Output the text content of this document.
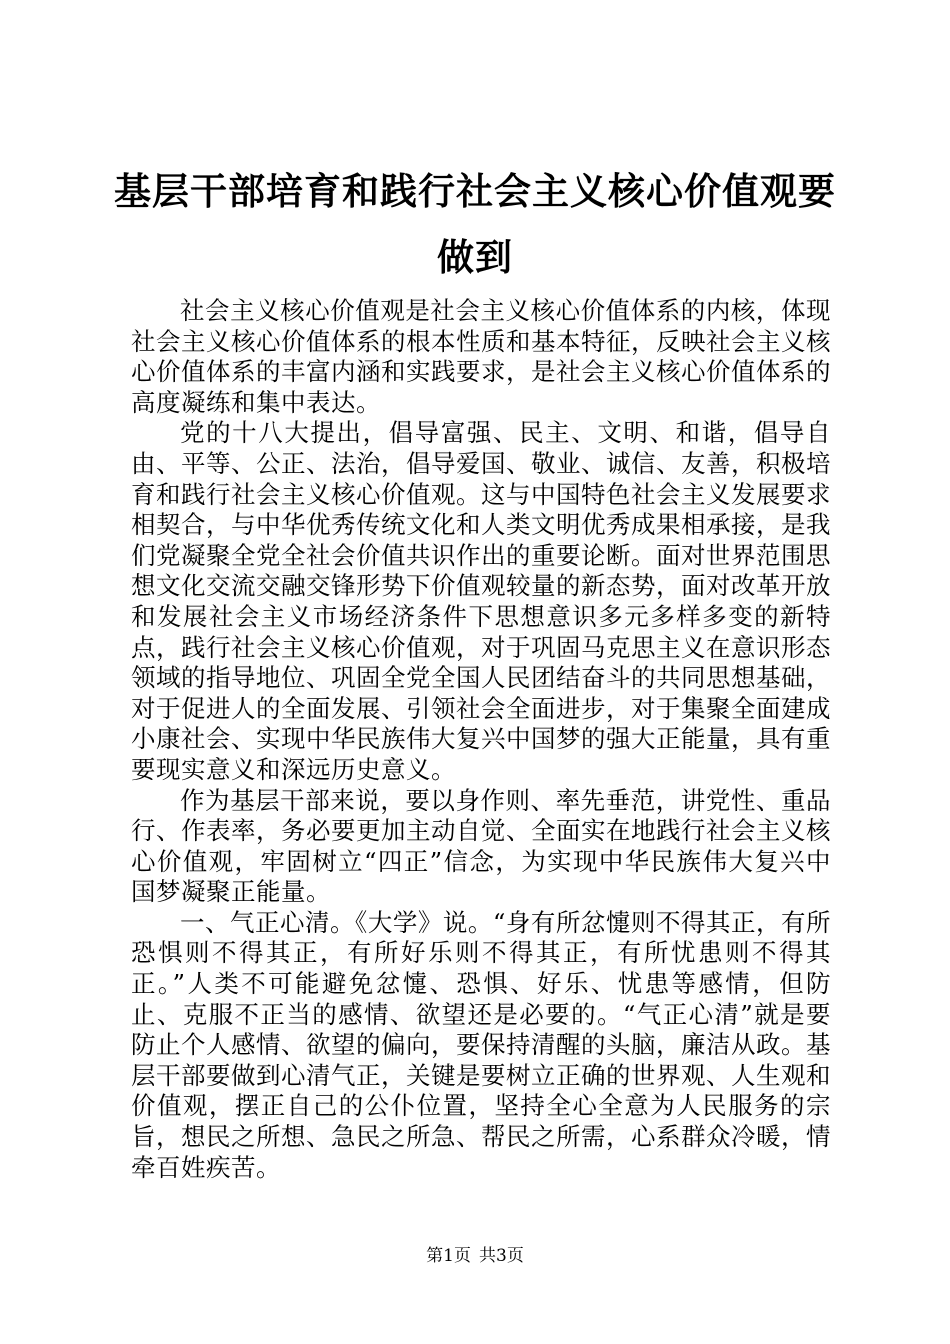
基层干部培育和践行社会主义核心价值观要做到

社会主义核心价值观是社会主义核心价值体系的内核，体现社会主义核心价值体系的根本性质和基本特征，反映社会主义核心价值体系的丰富内涵和实践要求，是社会主义核心价值体系的高度凝练和集中表达。

党的十八大提出，倡导富强、民主、文明、和谐，倡导自由、平等、公正、法治，倡导爱国、敬业、诚信、友善，积极培育和践行社会主义核心价值观。这与中国特色社会主义发展要求相契合，与中华优秀传统文化和人类文明优秀成果相承接，是我们党凝聚全党全社会价值共识作出的重要论断。面对世界范围思想文化交流交融交锋形势下价值观较量的新态势，面对改革开放和发展社会主义市场经济条件下思想意识多元多样多变的新特点，践行社会主义核心价值观，对于巩固马克思主义在意识形态领域的指导地位、巩固全党全国人民团结奋斗的共同思想基础，对于促进人的全面发展、引领社会全面进步，对于集聚全面建成小康社会、实现中华民族伟大复兴中国梦的强大正能量，具有重要现实意义和深远历史意义。

作为基层干部来说，要以身作则、率先垂范，讲党性、重品行、作表率，务必要更加主动自觉、全面实在地践行社会主义核心价值观，牢固树立“四正”信念，为实现中华民族伟大复兴中国梦凝聚正能量。

一、气正心清。《大学》说。“身有所忿懥则不得其正，有所恐惧则不得其正，有所好乐则不得其正，有所忧患则不得其正。”人类不可能避免忿懥、恐惧、好乐、忧患等感情，但防止、克服不正当的感情、欲望还是必要的。“气正心清”就是要防止个人感情、欲望的偏向，要保持清醒的头脑，廉洁从政。基层干部要做到心清气正，关键是要树立正确的世界观、人生观和价值观，摆正自己的公仆位置，坚持全心全意为人民服务的宗旨，想民之所想、急民之所急、帮民之所需，心系群众冷暖，情牵百姓疾苦。

第1页 共3页
